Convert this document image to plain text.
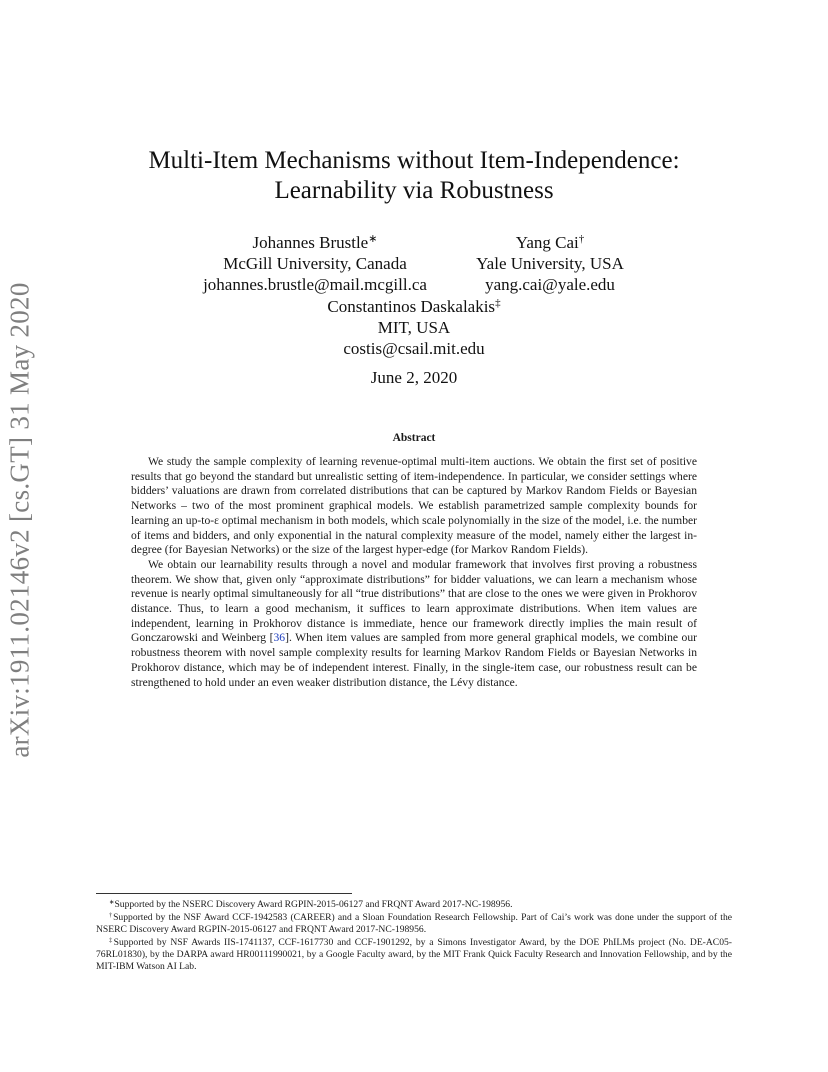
arXiv:1911.02146v2 [cs.GT] 31 May 2020
Multi-Item Mechanisms without Item-Independence:
Learnability via Robustness
Johannes Brustle∗
McGill University, Canada
johannes.brustle@mail.mcgill.ca
Yang Cai†
Yale University, USA
yang.cai@yale.edu
Constantinos Daskalakis‡
MIT, USA
costis@csail.mit.edu
June 2, 2020
Abstract

We study the sample complexity of learning revenue-optimal multi-item auctions. We obtain the first set of positive results that go beyond the standard but unrealistic setting of item-independence. In particular, we consider settings where bidders’ valuations are drawn from correlated distributions that can be captured by Markov Random Fields or Bayesian Networks – two of the most prominent graphical models. We establish parametrized sample complexity bounds for learning an up-to-ε optimal mechanism in both models, which scale polynomially in the size of the model, i.e. the number of items and bidders, and only exponential in the natural complexity measure of the model, namely either the largest in-degree (for Bayesian Networks) or the size of the largest hyper-edge (for Markov Random Fields).

We obtain our learnability results through a novel and modular framework that involves first proving a robustness theorem. We show that, given only “approximate distributions” for bidder valuations, we can learn a mechanism whose revenue is nearly optimal simultaneously for all “true distributions” that are close to the ones we were given in Prokhorov distance. Thus, to learn a good mechanism, it suffices to learn approximate distributions. When item values are independent, learning in Prokhorov distance is immediate, hence our framework directly implies the main result of Gonczarowski and Weinberg [36]. When item values are sampled from more general graphical models, we combine our robustness theorem with novel sample complexity results for learning Markov Random Fields or Bayesian Networks in Prokhorov distance, which may be of independent interest. Finally, in the single-item case, our robustness result can be strengthened to hold under an even weaker distribution distance, the Lévy distance.

∗Supported by the NSERC Discovery Award RGPIN-2015-06127 and FRQNT Award 2017-NC-198956.

†Supported by the NSF Award CCF-1942583 (CAREER) and a Sloan Foundation Research Fellowship. Part of Cai’s work was done under the support of the NSERC Discovery Award RGPIN-2015-06127 and FRQNT Award 2017-NC-198956.

‡Supported by NSF Awards IIS-1741137, CCF-1617730 and CCF-1901292, by a Simons Investigator Award, by the DOE PhILMs project (No. DE-AC05-76RL01830), by the DARPA award HR00111990021, by a Google Faculty award, by the MIT Frank Quick Faculty Research and Innovation Fellowship, and by the MIT-IBM Watson AI Lab.
